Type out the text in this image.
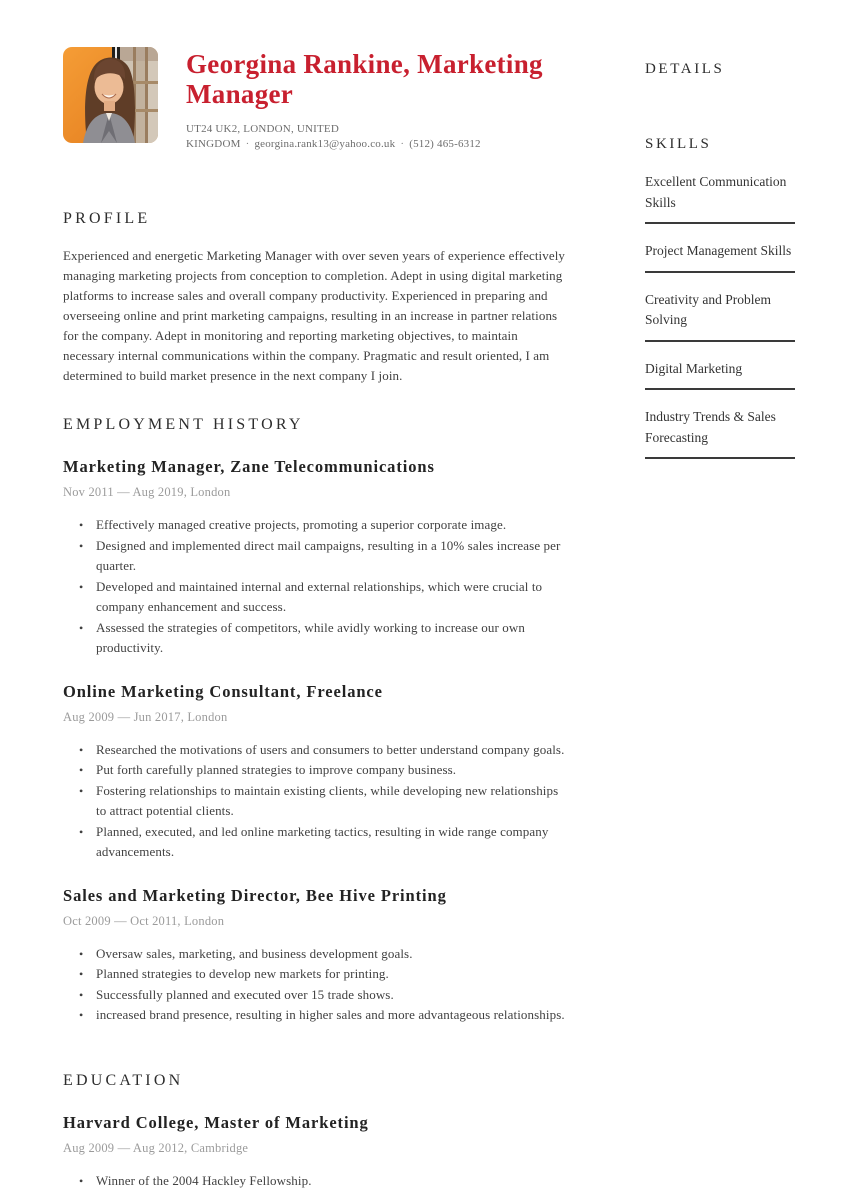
Georgina Rankine, Marketing Manager
UT24 UK2, LONDON, UNITED KINGDOM · georgina.rank13@yahoo.co.uk · (512) 465-6312
PROFILE

Experienced and energetic Marketing Manager with over seven years of experience effectively managing marketing projects from conception to completion. Adept in using digital marketing platforms to increase sales and overall company productivity. Experienced in preparing and overseeing online and print marketing campaigns, resulting in an increase in partner relations for the company. Adept in monitoring and reporting marketing objectives, to maintain necessary internal communications within the company. Pragmatic and result oriented, I am determined to build market presence in the next company I join.

EMPLOYMENT HISTORY
Marketing Manager, Zane Telecommunications

Nov 2011 — Aug 2019, London

• Effectively managed creative projects, promoting a superior corporate image.
• Designed and implemented direct mail campaigns, resulting in a 10% sales increase per quarter.
• Developed and maintained internal and external relationships, which were crucial to company enhancement and success.
• Assessed the strategies of competitors, while avidly working to increase our own productivity.
Online Marketing Consultant, Freelance

Aug 2009 — Jun 2017, London

• Researched the motivations of users and consumers to better understand company goals.
• Put forth carefully planned strategies to improve company business.
• Fostering relationships to maintain existing clients, while developing new relationships to attract potential clients.
• Planned, executed, and led online marketing tactics, resulting in wide range company advancements.
Sales and Marketing Director, Bee Hive Printing

Oct 2009 — Oct 2011, London

• Oversaw sales, marketing, and business development goals.
• Planned strategies to develop new markets for printing.
• Successfully planned and executed over 15 trade shows.
• increased brand presence, resulting in higher sales and more advantageous relationships.
EDUCATION
Harvard College, Master of Marketing

Aug 2009 — Aug 2012, Cambridge

• Winner of the 2004 Hackley Fellowship.
DETAILS
SKILLS
Excellent Communication Skills
Project Management Skills
Creativity and Problem Solving
Digital Marketing
Industry Trends & Sales Forecasting
